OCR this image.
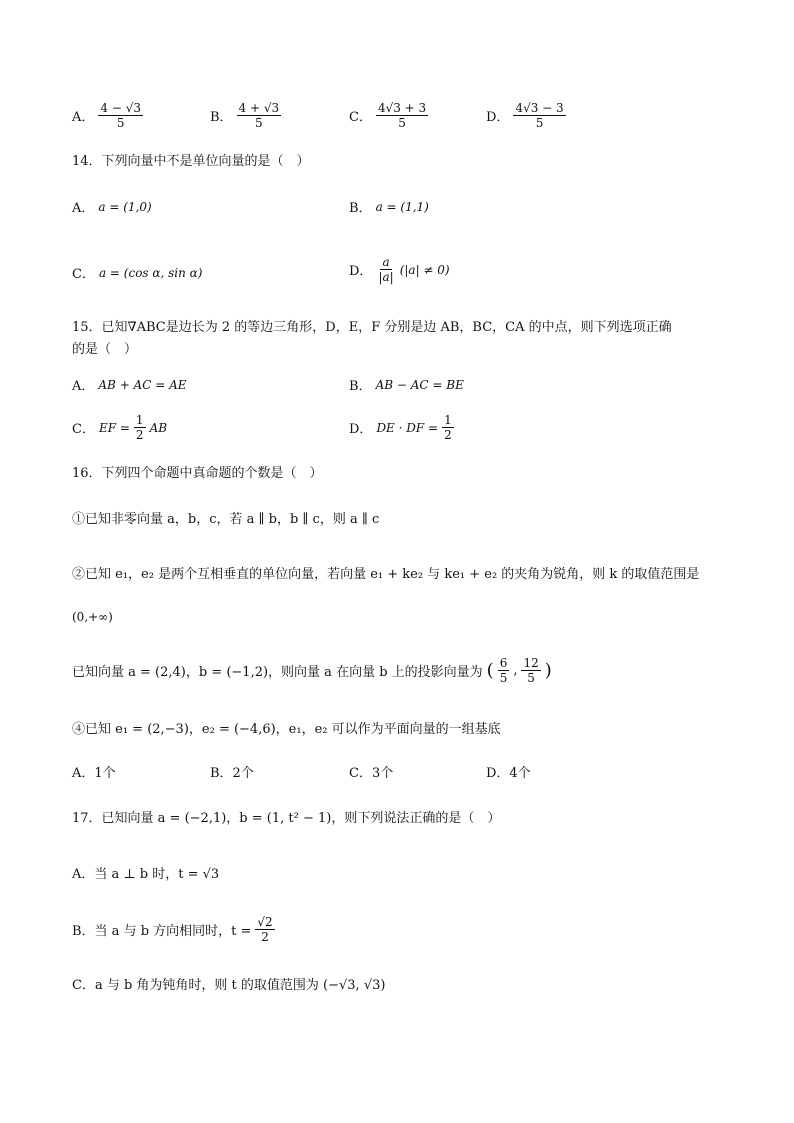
A． $\frac{4 - √3}{5}$	B． $\frac{4 + √3}{5}$	C． $\frac{4√3 + 3}{5}$	D． $\frac{4√3 - 3}{5}$
14．下列向量中不是单位向量的是（　）
A． a = (1,0)	B． a = (1,1)
C． a = (cos α, sin α)	D． $\frac{a}{|a|} (|a| \ne 0)$
15．已知∇ABC是边长为 2 的等边三角形，D，E，F 分别是边 AB，BC，CA 的中点，则下列选项正确
的是（　）
A． AB + AC = AE	B． AB − AC = BE
C． EF = $\frac{1}{2}$ AB	D． DE · DF = $\frac{1}{2}$
16．下列四个命题中真命题的个数是（　）
①已知非零向量 a，b，c，若 a ∥ b，b ∥ c，则 a ∥ c
②已知 e₁，e₂ 是两个互相垂直的单位向量，若向量 e₁ + ke₂ 与 ke₁ + e₂ 的夹角为锐角，则 k 的取值范围是
(0,+∞)
已知向量 a = (2,4)，b = (−1,2)，则向量 a 在向量 b 上的投影向量为 ( $\frac{6}{5}$ , $\frac{12}{5}$ )
④已知 e₁ = (2,−3)，e₂ = (−4,6)，e₁，e₂ 可以作为平面向量的一组基底
A．1个	B．2个	C．3个	D．4个
17．已知向量 a = (−2,1)，b = (1, t² − 1)，则下列说法正确的是（　）
A．当 a ⊥ b 时，t = √3
B．当 a 与 b 方向相同时，$t = \frac{√2}{2}$
C．a 与 b 角为钝角时，则 t 的取值范围为 (−√3, √3)
